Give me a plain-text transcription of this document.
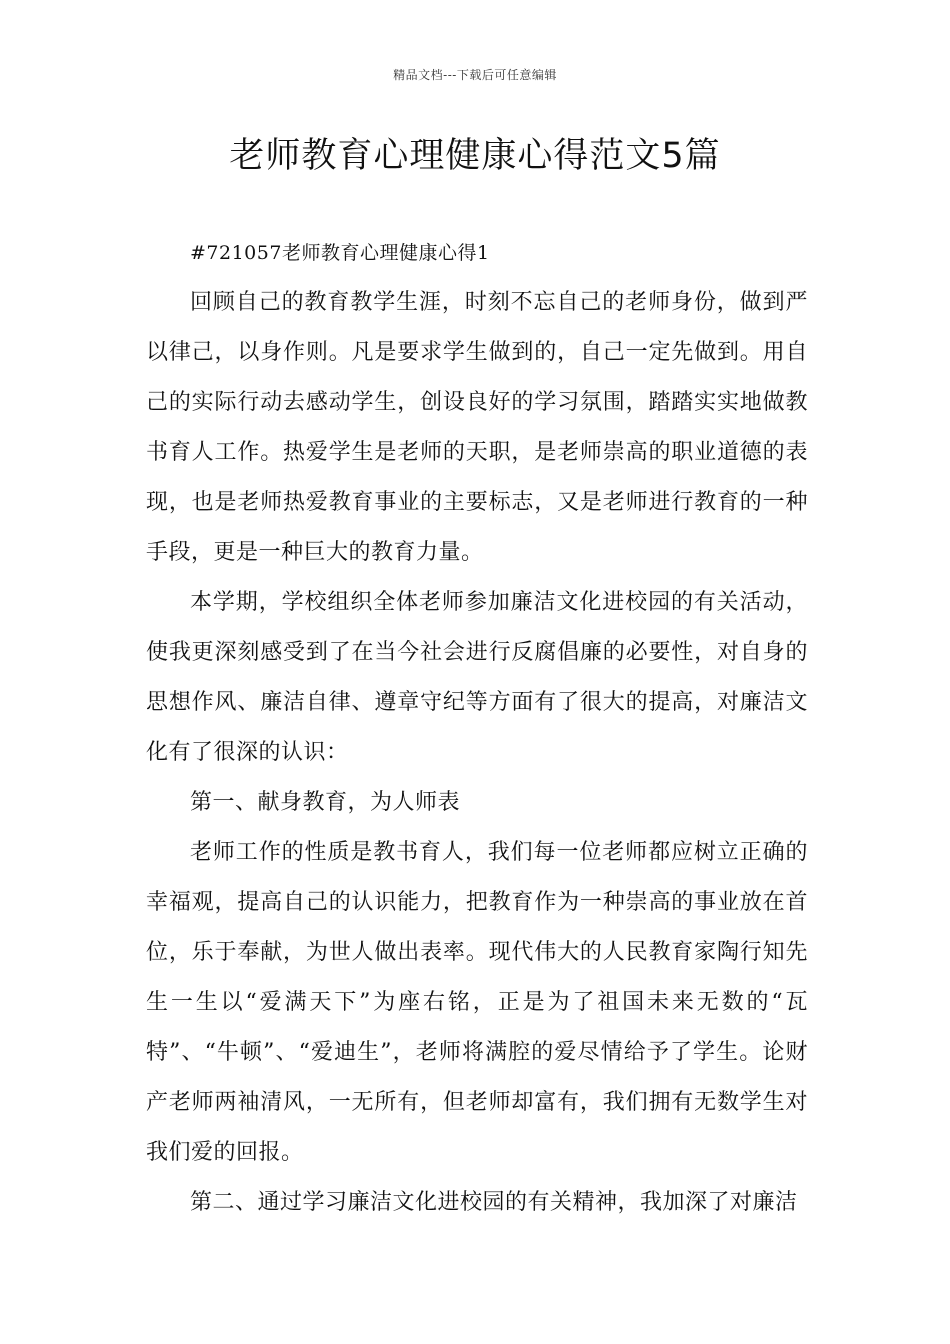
精品文档---下载后可任意编辑
老师教育心理健康心得范文5篇

#721057老师教育心理健康心得1

回顾自己的教育教学生涯，时刻不忘自己的老师身份，做到严以律己，以身作则。凡是要求学生做到的，自己一定先做到。用自己的实际行动去感动学生，创设良好的学习氛围，踏踏实实地做教书育人工作。热爱学生是老师的天职，是老师崇高的职业道德的表现，也是老师热爱教育事业的主要标志，又是老师进行教育的一种手段，更是一种巨大的教育力量。

本学期，学校组织全体老师参加廉洁文化进校园的有关活动，使我更深刻感受到了在当今社会进行反腐倡廉的必要性，对自身的思想作风、廉洁自律、遵章守纪等方面有了很大的提高，对廉洁文化有了很深的认识：

第一、献身教育，为人师表

老师工作的性质是教书育人，我们每一位老师都应树立正确的幸福观，提高自己的认识能力，把教育作为一种崇高的事业放在首位，乐于奉献，为世人做出表率。现代伟大的人民教育家陶行知先生一生以“爱满天下”为座右铭，正是为了祖国未来无数的“瓦特”、“牛顿”、“爱迪生”，老师将满腔的爱尽情给予了学生。论财产老师两袖清风，一无所有，但老师却富有，我们拥有无数学生对我们爱的回报。

第二、通过学习廉洁文化进校园的有关精神，我加深了对廉洁
